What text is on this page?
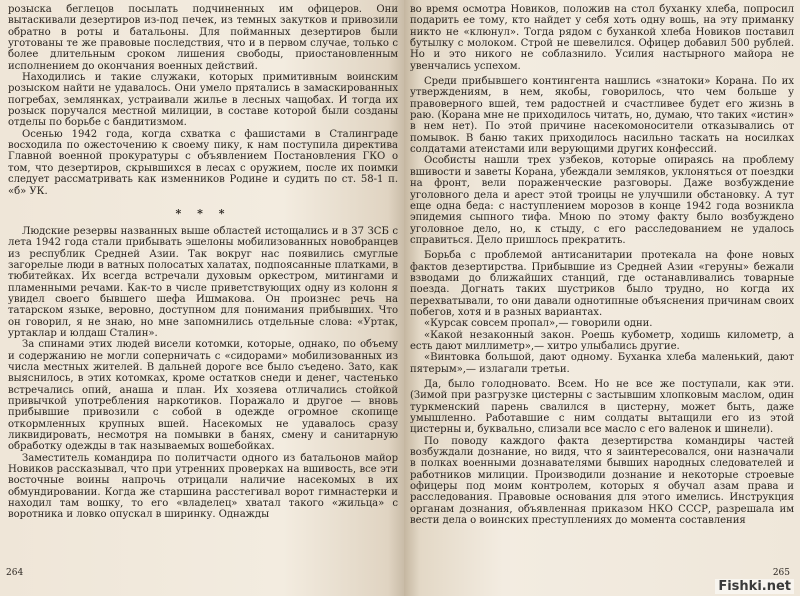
розыска беглецов посылать подчиненных им офицеров. Они вытаскивали дезертиров из-под печек, из темных закутков и привозили обратно в роты и батальоны. Для пойманных дезертиров были уготованы те же правовые последствия, что и в первом случае, только с более длительным сроком лишения свободы, приостановленным исполнением до окончания военных действий.

Находились и такие служаки, которых примитивным воинским розыском найти не удавалось. Они умело прятались в замаскированных погребах, землянках, устраивали жилье в лесных чащобах. И тогда их розыск поручался местной милиции, в составе которой были созданы отделы по борьбе с бандитизмом.

Осенью 1942 года, когда схватка с фашистами в Сталинграде восходила по ожесточению к своему пику, к нам поступила директива Главной военной прокуратуры с объявлением Постановления ГКО о том, что дезертиров, скрывшихся в лесах с оружием, после их поимки следует рассматривать как изменников Родине и судить по ст. 58-1 п. «б» УК.

* * *

Людские резервы названных выше областей истощались и в 37 ЗСБ с лета 1942 года стали прибывать эшелоны мобилизованных новобранцев из республик Средней Азии. Так вокруг нас появились смуглые загорелые люди в ватных полосатых халатах, подпоясанные платками, в тюбитейках. Их всегда встречали духовым оркестром, митингами и пламенными речами. Как-то в числе приветствующих одну из колонн я увидел своего бывшего шефа Ишмакова. Он произнес речь на татарском языке, веровно, доступном для понимания прибывших. Что он говорил, я не знаю, но мне запомнились отдельные слова: «Уртак, уртаклар и юлдаш Сталин».

За спинами этих людей висели котомки, которые, однако, по объему и содержанию не могли соперничать с «сидорами» мобилизованных из числа местных жителей. В дальней дороге все было съедено. Зато, как выяснилось, в этих котомках, кроме остатков снеди и денег, частенько встречались опий, анаша и план. Их хозяева отличались стойкой привычкой употребления наркотиков. Поражало и другое — вновь прибывшие привозили с собой в одежде огромное скопище откормленных крупных вшей. Насекомых не удавалось сразу ликвидировать, несмотря на помывки в банях, смену и санитарную обработку одежды в так называемых вошебойках.

Заместитель командира по политчасти одного из батальонов майор Новиков рассказывал, что при утренних проверках на вшивость, все эти восточные воины напрочь отрицали наличие насекомых в их обмундировании. Когда же старшина расстегивал ворот гимнастерки и находил там вошку, то его «владелец» хватал такого «жильца» с воротника и ловко опускал в ширинку. Однажды

264

во время осмотра Новиков, положив на стол буханку хлеба, попросил подарить ее тому, кто найдет у себя хоть одну вошь, на эту приманку никто не «клюнул». Тогда рядом с буханкой хлеба Новиков поставил бутылку с молоком. Строй не шевелился. Офицер добавил 500 рублей. Но и это никого не соблазнило. Усилия настырного майора не увенчались успехом.

Среди прибывшего контингента нашлись «знатоки» Корана. По их утверждениям, в нем, якобы, говорилось, что чем больше у правоверного вшей, тем радостней и счастливее будет его жизнь в раю. (Корана мне не приходилось читать, но, думаю, что таких «истин» в нем нет). По этой причине насекомоносители отказывались от помывок. В баню таких приходилось насильно таскать на носилках солдатами атеистами или верующими других конфессий.

Особисты нашли трех узбеков, которые опираясь на проблему вшивости и заветы Корана, убеждали земляков, уклоняться от поездки на фронт, вели пораженческие разговоры. Даже возбуждение уголовного дела и арест этой троицы не улучшили обстановку. А тут еще одна беда: с наступлением морозов в конце 1942 года возникла эпидемия сыпного тифа. Мною по этому факту было возбуждено уголовное дело, но, к стыду, с его расследованием не удалось справиться. Дело пришлось прекратить.

Борьба с проблемой антисанитарии протекала на фоне новых фактов дезертирства. Прибывшие из Средней Азии «геруны» бежали взводами до ближайших станций, где останавливались товарные поезда. Догнать таких шустриков было трудно, но когда их перехватывали, то они давали однотипные объяснения причинам своих побегов, хотя и в разных вариантах.

«Курсак совсем пропал»,— говорили одни.

«Какой незаконный закон. Роешь кубометр, ходишь километр, а есть дают миллиметр»,— хитро улыбались другие.

«Винтовка большой, дают одному. Буханка хлеба маленький, дают пятерым»,— излагали третьи.

Да, было голодновато. Всем. Но не все же поступали, как эти. (Зимой при разгрузке цистерны с застывшим хлопковым маслом, один туркменский парень свалился в цистерну, может быть, даже умышленно. Работавшие с ним солдаты вытащили его из этой цистерны и, буквально, слизали все масло с его валенок и шинели).

По поводу каждого факта дезертирства командиры частей возбуждали дознание, но видя, что я заинтересовался, они назначали в полках военными дознавателями бывших народных следователей и работников милиции. Производили дознание и некоторые строевые офицеры под моим контролем, которых я обучал азам права и расследования. Правовые основания для этого имелись. Инструкция органам дознания, объявленная приказом НКО СССР, разрешала им вести дела о воинских преступлениях до момента составления

265
Fishki.net
